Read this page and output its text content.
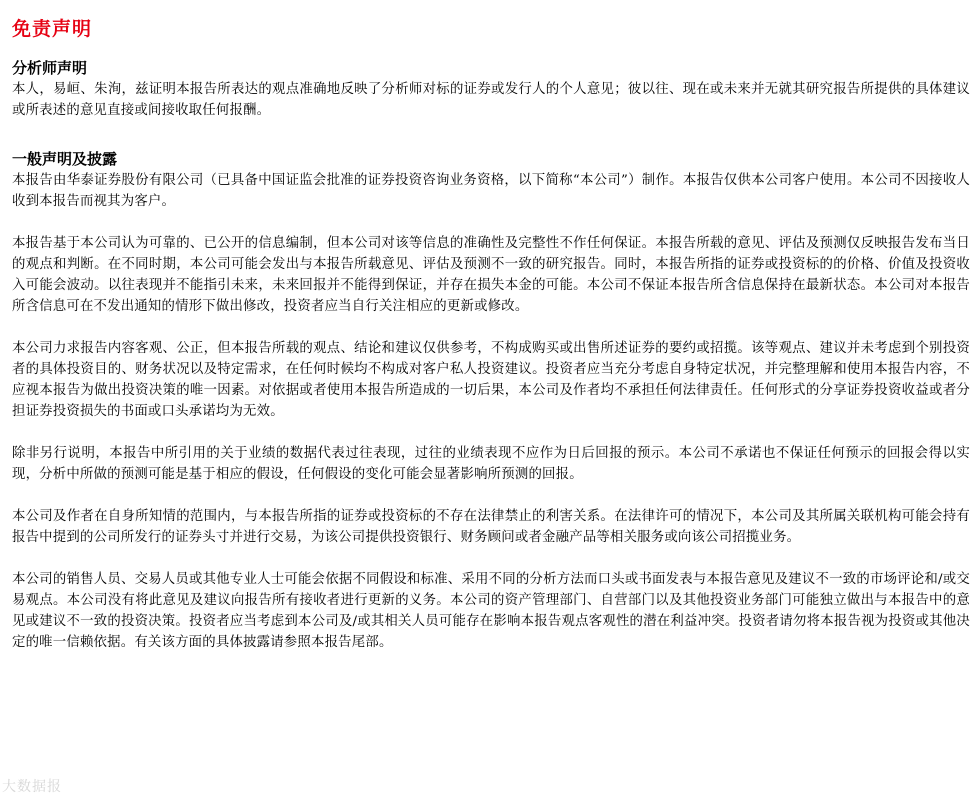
免责声明
分析师声明

本人，易峘、朱洵，兹证明本报告所表达的观点准确地反映了分析师对标的证券或发行人的个人意见；彼以往、现在或未来并无就其研究报告所提供的具体建议或所表述的意见直接或间接收取任何报酬。

一般声明及披露

本报告由华泰证券股份有限公司（已具备中国证监会批准的证券投资咨询业务资格，以下简称“本公司”）制作。本报告仅供本公司客户使用。本公司不因接收人收到本报告而视其为客户。

本报告基于本公司认为可靠的、已公开的信息编制，但本公司对该等信息的准确性及完整性不作任何保证。本报告所载的意见、评估及预测仅反映报告发布当日的观点和判断。在不同时期，本公司可能会发出与本报告所载意见、评估及预测不一致的研究报告。同时，本报告所指的证券或投资标的的价格、价值及投资收入可能会波动。以往表现并不能指引未来，未来回报并不能得到保证，并存在损失本金的可能。本公司不保证本报告所含信息保持在最新状态。本公司对本报告所含信息可在不发出通知的情形下做出修改，投资者应当自行关注相应的更新或修改。

本公司力求报告内容客观、公正，但本报告所载的观点、结论和建议仅供参考，不构成购买或出售所述证券的要约或招揽。该等观点、建议并未考虑到个别投资者的具体投资目的、财务状况以及特定需求，在任何时候均不构成对客户私人投资建议。投资者应当充分考虑自身特定状况，并完整理解和使用本报告内容，不应视本报告为做出投资决策的唯一因素。对依据或者使用本报告所造成的一切后果，本公司及作者均不承担任何法律责任。任何形式的分享证券投资收益或者分担证券投资损失的书面或口头承诺均为无效。

除非另行说明，本报告中所引用的关于业绩的数据代表过往表现，过往的业绩表现不应作为日后回报的预示。本公司不承诺也不保证任何预示的回报会得以实现，分析中所做的预测可能是基于相应的假设，任何假设的变化可能会显著影响所预测的回报。

本公司及作者在自身所知情的范围内，与本报告所指的证券或投资标的不存在法律禁止的利害关系。在法律许可的情况下，本公司及其所属关联机构可能会持有报告中提到的公司所发行的证券头寸并进行交易，为该公司提供投资银行、财务顾问或者金融产品等相关服务或向该公司招揽业务。

本公司的销售人员、交易人员或其他专业人士可能会依据不同假设和标准、采用不同的分析方法而口头或书面发表与本报告意见及建议不一致的市场评论和/或交易观点。本公司没有将此意见及建议向报告所有接收者进行更新的义务。本公司的资产管理部门、自营部门以及其他投资业务部门可能独立做出与本报告中的意见或建议不一致的投资决策。投资者应当考虑到本公司及/或其相关人员可能存在影响本报告观点客观性的潜在利益冲突。投资者请勿将本报告视为投资或其他决定的唯一信赖依据。有关该方面的具体披露请参照本报告尾部。

大数据报
